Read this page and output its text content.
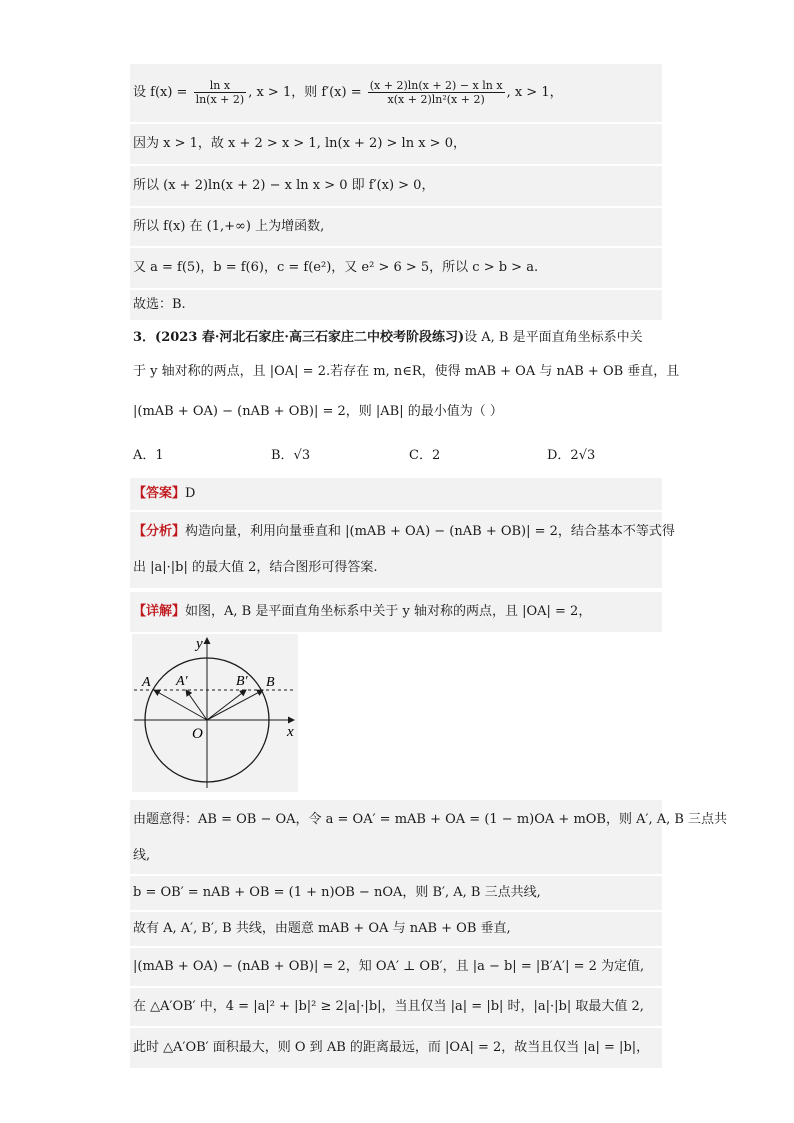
设 $f(x) = \frac{\text{ln x}}{\ln(x + 2)}$ , x > 1，则 $f'(x) = \frac{\text{(x + 2)ln(x + 2) − x ln x}}{\text{x(x + 2)ln²(x + 2)}}$ , x > 1，
因为 x > 1，故 x + 2 > x > 1, ln(x + 2) > ln x > 0，
所以 (x + 2)ln(x + 2) − x ln x > 0 即 f′(x) > 0，
所以 f(x) 在 (1,+∞) 上为增函数,
又 a = f(5)，b = f(6)，c = f(e²)，又 e² > 6 > 5，所以 c > b > a.
故选：B.
3．(2023 春·河北石家庄·高三石家庄二中校考阶段练习)设 A, B 是平面直角坐标系中关
于 y 轴对称的两点，且 |OA| = 2.若存在 m, n∈R，使得 mAB + OA 与 nAB + OB 垂直，且
|(mAB + OA) − (nAB + OB)| = 2，则 |AB| 的最小值为（ ）
A．1	B．√3	C．2	D．2√3
【答案】D
【分析】构造向量，利用向量垂直和 |(mAB + OA) − (nAB + OB)| = 2，结合基本不等式得
出 |a|·|b| 的最大值 2，结合图形可得答案.
【详解】如图，A, B 是平面直角坐标系中关于 y 轴对称的两点，且 |OA| = 2，
x
y
O
A A′	B′ B
由题意得：AB = OB − OA，令 a = OA′ = mAB + OA = (1 − m)OA + mOB，则 A′, A, B 三点共
线,
b = OB′ = nAB + OB = (1 + n)OB − nOA，则 B′, A, B 三点共线,
故有 A, A′, B′, B 共线，由题意 mAB + OA 与 nAB + OB 垂直,
|(mAB + OA) − (nAB + OB)| = 2，知 OA′ ⊥ OB′，且 |a − b| = |B′A′| = 2 为定值,
在 △A′OB′ 中，4 = |a|² + |b|² ≥ 2|a|·|b|，当且仅当 |a| = |b| 时，|a|·|b| 取最大值 2,
此时 △A′OB′ 面积最大，则 O 到 AB 的距离最远，而 |OA| = 2，故当且仅当 |a| = |b|，
